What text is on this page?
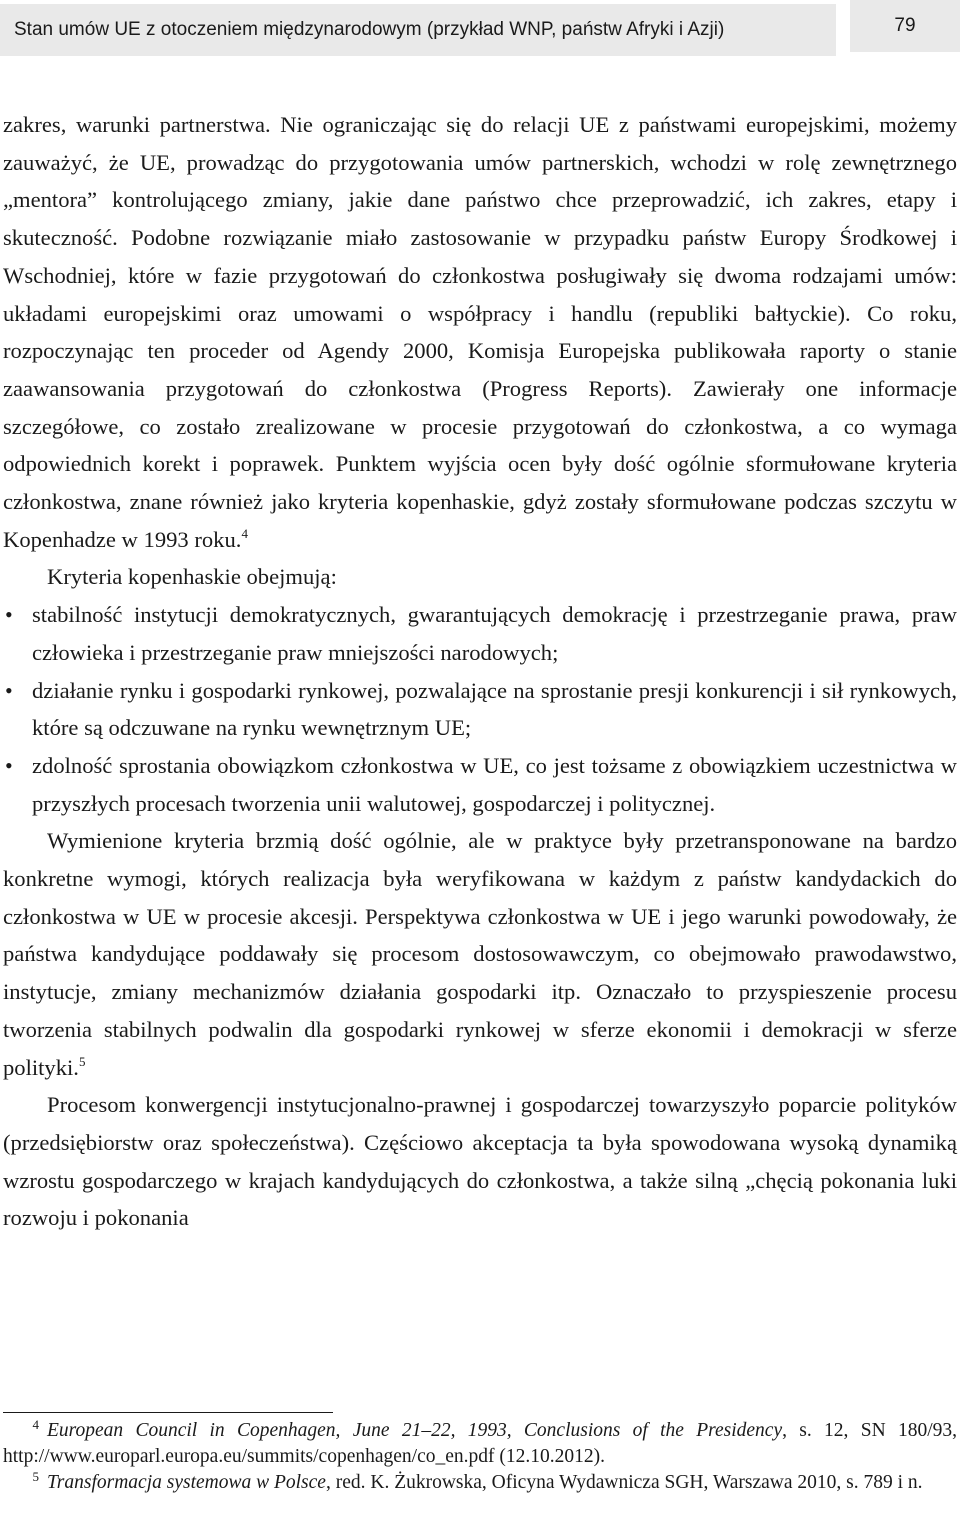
Stan umów UE z otoczeniem międzynarodowym (przykład WNP, państw Afryki i Azji)	79

zakres, warunki partnerstwa. Nie ograniczając się do relacji UE z państwami europejskimi, możemy zauważyć, że UE, prowadząc do przygotowania umów partnerskich, wchodzi w rolę zewnętrznego „mentora” kontrolującego zmiany, jakie dane państwo chce przeprowadzić, ich zakres, etapy i skuteczność. Podobne rozwiązanie miało zastosowanie w przypadku państw Europy Środkowej i Wschodniej, które w fazie przygotowań do członkostwa posługiwały się dwoma rodzajami umów: układami europejskimi oraz umowami o współpracy i handlu (republiki bałtyckie). Co roku, rozpoczynając ten proceder od Agendy 2000, Komisja Europejska publikowała raporty o stanie zaawansowania przygotowań do członkostwa (Progress Reports). Zawierały one informacje szczegółowe, co zostało zrealizowane w procesie przygotowań do członkostwa, a co wymaga odpowiednich korekt i poprawek. Punktem wyjścia ocen były dość ogólnie sformułowane kryteria członkostwa, znane również jako kryteria kopenhaskie, gdyż zostały sformułowane podczas szczytu w Kopenhadze w 1993 roku.$^4$

Kryteria kopenhaskie obejmują:

• stabilność instytucji demokratycznych, gwarantujących demokrację i przestrzeganie prawa, praw człowieka i przestrzeganie praw mniejszości narodowych;
• działanie rynku i gospodarki rynkowej, pozwalające na sprostanie presji konkurencji i sił rynkowych, które są odczuwane na rynku wewnętrznym UE;
• zdolność sprostania obowiązkom członkostwa w UE, co jest tożsame z obowiązkiem uczestnictwa w przyszłych procesach tworzenia unii walutowej, gospodarczej i politycznej.

Wymienione kryteria brzmią dość ogólnie, ale w praktyce były przetransponowane na bardzo konkretne wymogi, których realizacja była weryfikowana w każdym z państw kandydackich do członkostwa w UE w procesie akcesji. Perspektywa członkostwa w UE i jego warunki powodowały, że państwa kandydujące poddawały się procesom dostosowawczym, co obejmowało prawodawstwo, instytucje, zmiany mechanizmów działania gospodarki itp. Oznaczało to przyspieszenie procesu tworzenia stabilnych podwalin dla gospodarki rynkowej w sferze ekonomii i demokracji w sferze polityki.$^5$

Procesom konwergencji instytucjonalno-prawnej i gospodarczej towarzyszyło poparcie polityków (przedsiębiorstw oraz społeczeństwa). Częściowo akceptacja ta była spowodowana wysoką dynamiką wzrostu gospodarczego w krajach kandydujących do członkostwa, a także silną „chęcią pokonania luki rozwoju i pokonania

4 European Council in Copenhagen, June 21–22, 1993, Conclusions of the Presidency, s. 12, SN 180/93, http://www.europarl.europa.eu/summits/copenhagen/co_en.pdf (12.10.2012).

5 Transformacja systemowa w Polsce, red. K. Żukrowska, Oficyna Wydawnicza SGH, Warszawa 2010, s. 789 i n.
